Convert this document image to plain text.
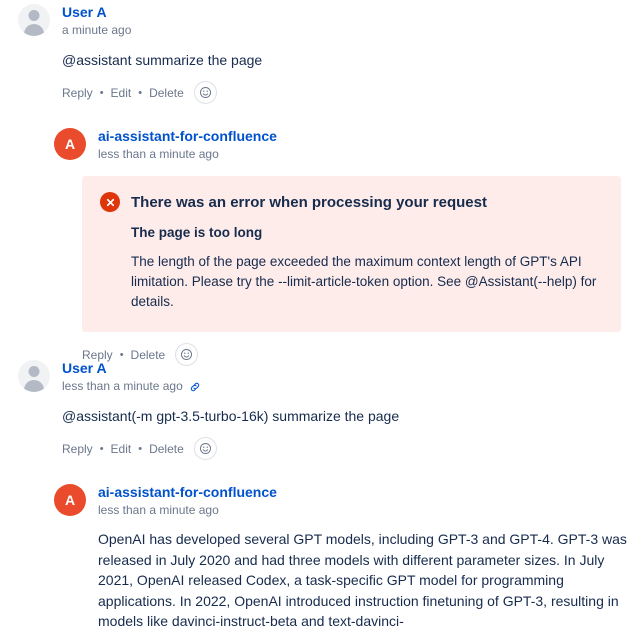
User A
a minute ago
@assistant summarize the page
Reply • Edit • Delete
A ai-assistant-for-confluence
less than a minute ago
There was an error when processing your request
The page is too long
The length of the page exceeded the maximum context length of GPT's API limitation. Please try the --limit-article-token option. See @Assistant(--help) for details.
Reply • Delete
User A
less than a minute ago
@assistant(-m gpt-3.5-turbo-16k) summarize the page
Reply • Edit • Delete
A ai-assistant-for-confluence
less than a minute ago
OpenAI has developed several GPT models, including GPT-3 and GPT-4. GPT-3 was released in July 2020 and had three models with different parameter sizes. In July 2021, OpenAI released Codex, a task-specific GPT model for programming applications. In 2022, OpenAI introduced instruction finetuning of GPT-3, resulting in models like davinci-instruct-beta and text-davinci-
